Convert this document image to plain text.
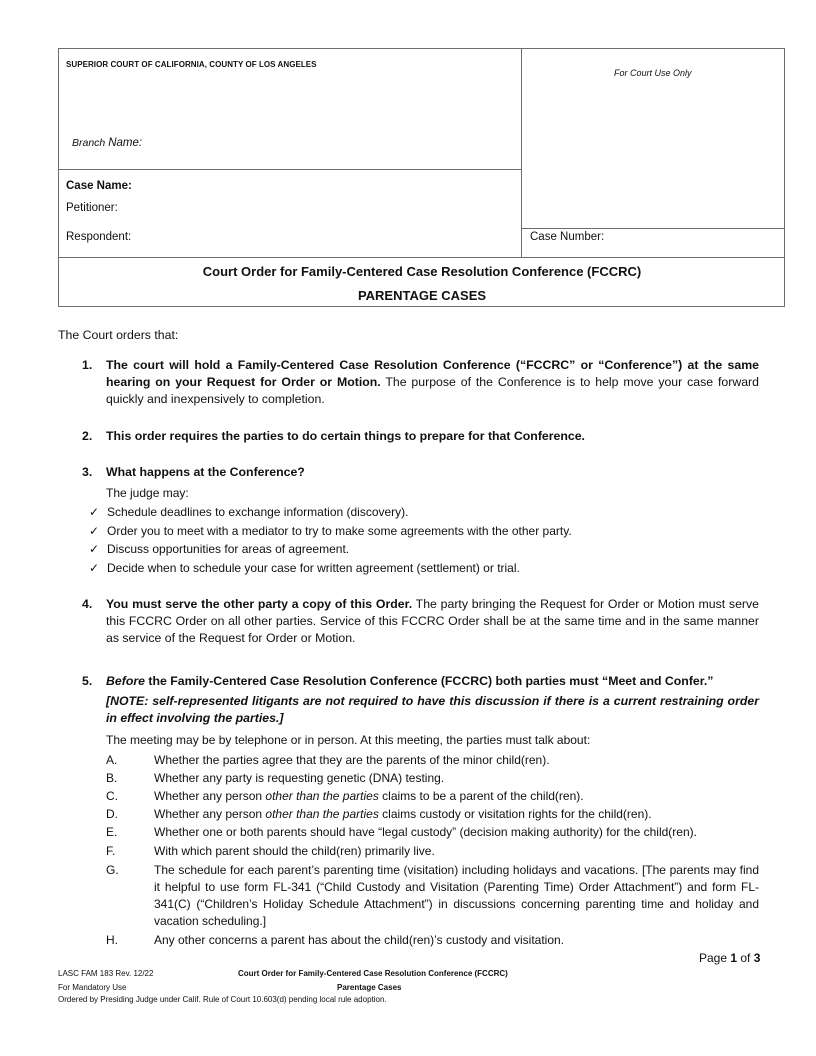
SUPERIOR COURT OF CALIFORNIA, COUNTY OF LOS ANGELES
Branch Name:
For Court Use Only
Case Name:
Petitioner:
Respondent:	Case Number:
Court Order for Family-Centered Case Resolution Conference (FCCRC)
PARENTAGE CASES
The Court orders that:
1. The court will hold a Family-Centered Case Resolution Conference (“FCCRC” or “Conference”) at the same hearing on your Request for Order or Motion. The purpose of the Conference is to help move your case forward quickly and inexpensively to completion.
2. This order requires the parties to do certain things to prepare for that Conference.
3. What happens at the Conference?
The judge may:
✓ Schedule deadlines to exchange information (discovery).
✓ Order you to meet with a mediator to try to make some agreements with the other party.
✓ Discuss opportunities for areas of agreement.
✓ Decide when to schedule your case for written agreement (settlement) or trial.
4. You must serve the other party a copy of this Order. The party bringing the Request for Order or Motion must serve this FCCRC Order on all other parties. Service of this FCCRC Order shall be at the same time and in the same manner as service of the Request for Order or Motion.
5. Before the Family-Centered Case Resolution Conference (FCCRC) both parties must “Meet and Confer.”
[NOTE: self-represented litigants are not required to have this discussion if there is a current restraining order in effect involving the parties.]
The meeting may be by telephone or in person. At this meeting, the parties must talk about:
A.	Whether the parties agree that they are the parents of the minor child(ren).
B.	Whether any party is requesting genetic (DNA) testing.
C.	Whether any person other than the parties claims to be a parent of the child(ren).
D.	Whether any person other than the parties claims custody or visitation rights for the child(ren).
E.	Whether one or both parents should have “legal custody” (decision making authority) for the child(ren).
F.	With which parent should the child(ren) primarily live.
G.	The schedule for each parent’s parenting time (visitation) including holidays and vacations. [The parents may find it helpful to use form FL-341 (“Child Custody and Visitation (Parenting Time) Order Attachment”) and form FL-341(C) (“Children’s Holiday Schedule Attachment”) in discussions concerning parenting time and holiday and vacation scheduling.]
H.	Any other concerns a parent has about the child(ren)’s custody and visitation.
Page 1 of 3
LASC FAM 183 Rev. 12/22
For Mandatory Use
Ordered by Presiding Judge under Calif. Rule of Court 10.603(d) pending local rule adoption.
Court Order for Family-Centered Case Resolution Conference (FCCRC)
Parentage Cases
